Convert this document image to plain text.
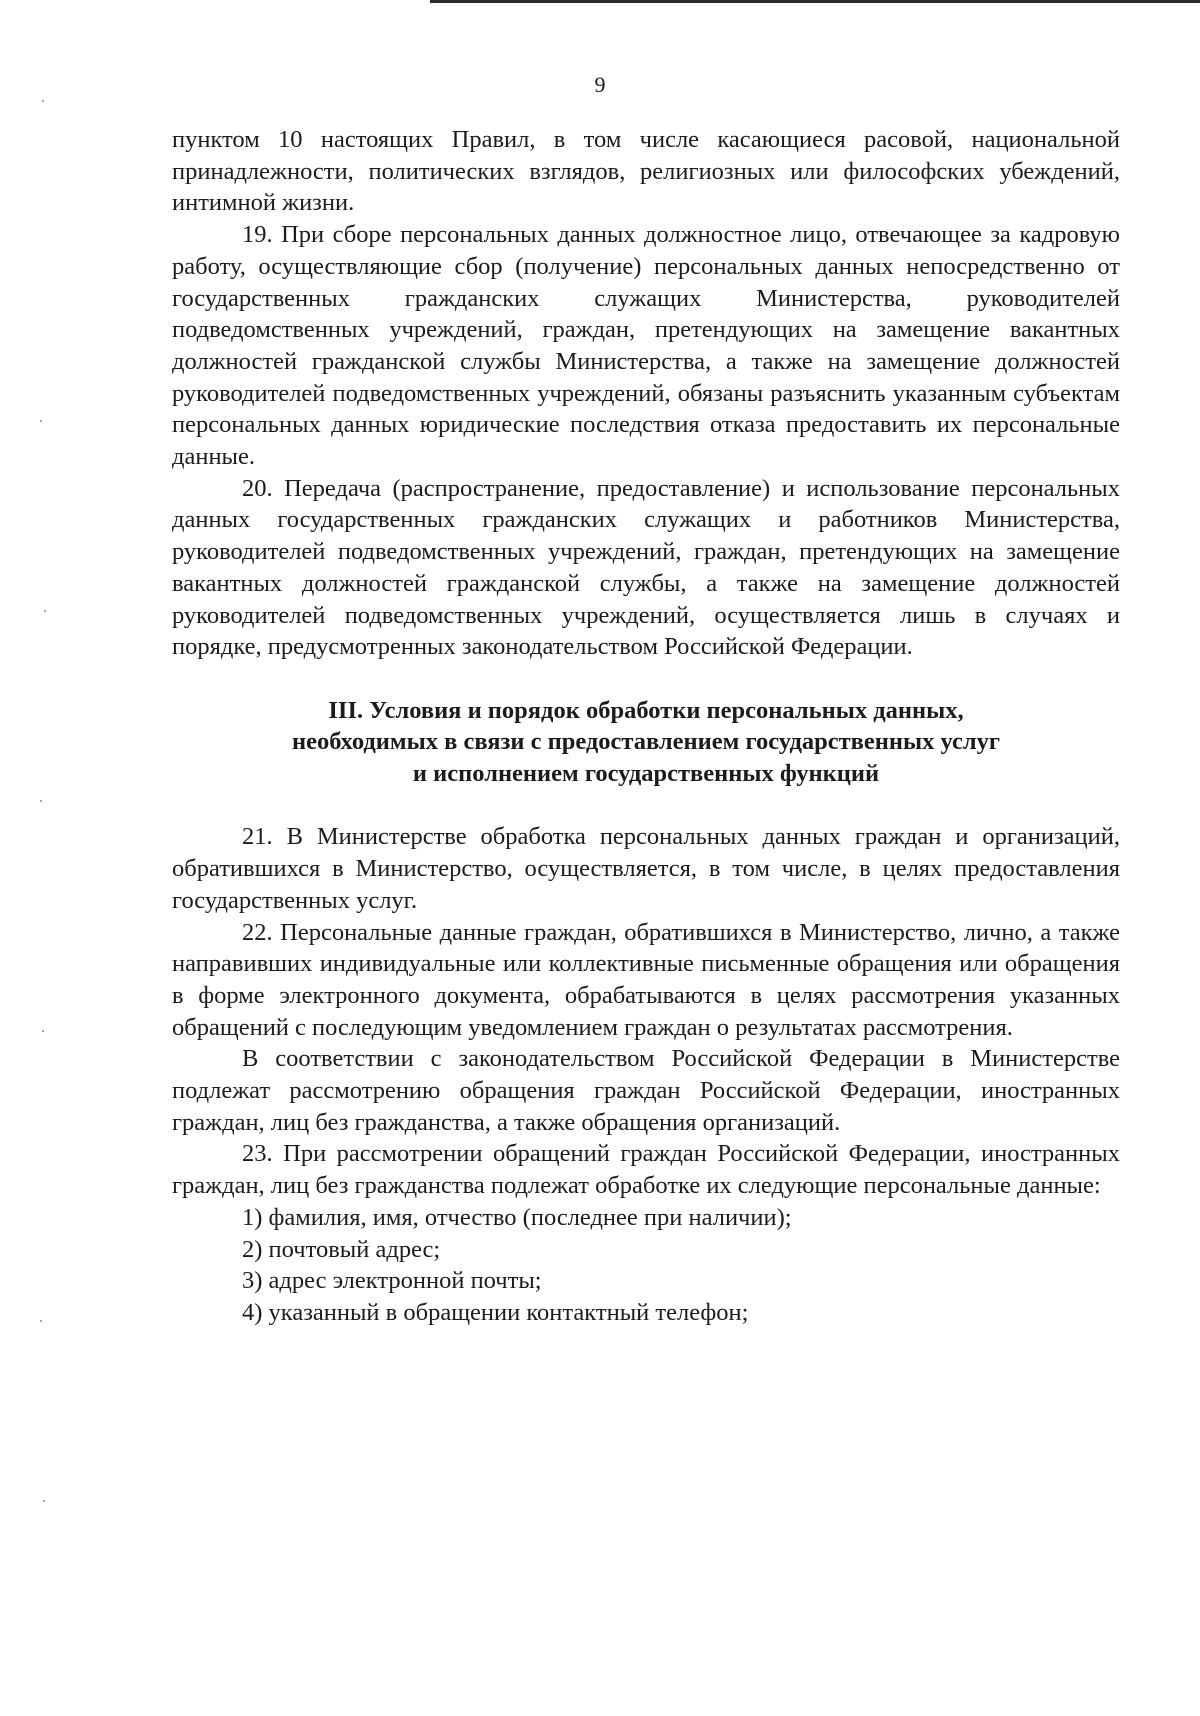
9

пунктом 10 настоящих Правил, в том числе касающиеся расовой, национальной принадлежности, политических взглядов, религиозных или философских убеждений, интимной жизни.

19. При сборе персональных данных должностное лицо, отвечающее за кадровую работу, осуществляющие сбор (получение) персональных данных непосредственно от государственных гражданских служащих Министерства, руководителей подведомственных учреждений, граждан, претендующих на замещение вакантных должностей гражданской службы Министерства, а также на замещение должностей руководителей подведомственных учреждений, обязаны разъяснить указанным субъектам персональных данных юридические последствия отказа предоставить их персональные данные.

20. Передача (распространение, предоставление) и использование персональных данных государственных гражданских служащих и работников Министерства, руководителей подведомственных учреждений, граждан, претендующих на замещение вакантных должностей гражданской службы, а также на замещение должностей руководителей подведомственных учреждений, осуществляется лишь в случаях и порядке, предусмотренных законодательством Российской Федерации.

III. Условия и порядок обработки персональных данных,
необходимых в связи с предоставлением государственных услуг
и исполнением государственных функций

21. В Министерстве обработка персональных данных граждан и организаций, обратившихся в Министерство, осуществляется, в том числе, в целях предоставления государственных услуг.

22. Персональные данные граждан, обратившихся в Министерство, лично, а также направивших индивидуальные или коллективные письменные обращения или обращения в форме электронного документа, обрабатываются в целях рассмотрения указанных обращений с последующим уведомлением граждан о результатах рассмотрения.

В соответствии с законодательством Российской Федерации в Министерстве подлежат рассмотрению обращения граждан Российской Федерации, иностранных граждан, лиц без гражданства, а также обращения организаций.

23. При рассмотрении обращений граждан Российской Федерации, иностранных граждан, лиц без гражданства подлежат обработке их следующие персональные данные:

1) фамилия, имя, отчество (последнее при наличии);

2) почтовый адрес;

3) адрес электронной почты;

4) указанный в обращении контактный телефон;
